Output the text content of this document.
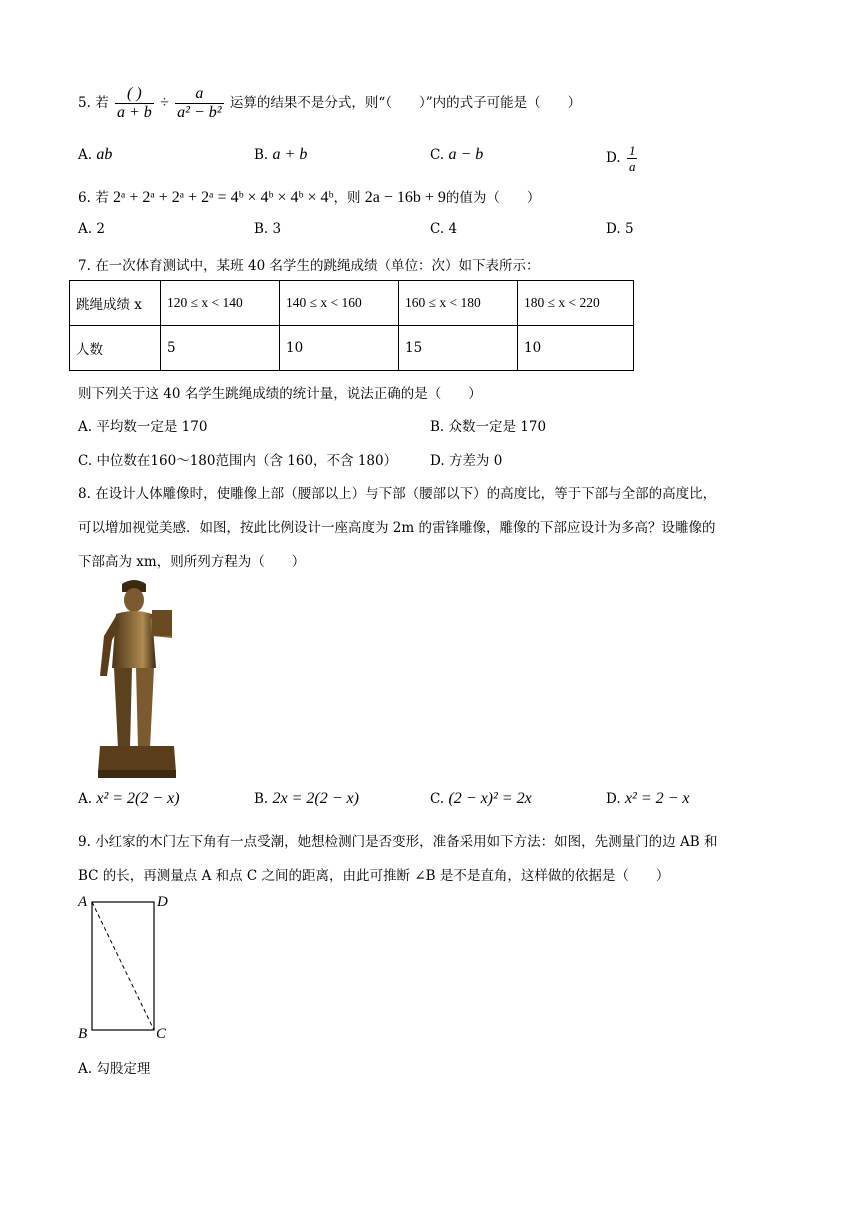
5. 若 $\frac{( )}{a + b} \div \frac{a}{\text{a² − b²}}$ 运算的结果不是分式，则“（　　）”内的式子可能是（　　）
A. ab	B. a + b	C. a − b	D. $\frac{1}{a}$
6. 若 2ᵃ + 2ᵃ + 2ᵃ + 2ᵃ = 4ᵇ × 4ᵇ × 4ᵇ × 4ᵇ，则 2a − 16b + 9的值为（　　）
A. 2	B. 3	C. 4	D. 5
7. 在一次体育测试中，某班 40 名学生的跳绳成绩（单位：次）如下表所示：
跳绳成绩 x	120 ≤ x < 140	140 ≤ x < 160	160 ≤ x < 180	180 ≤ x < 220
人数	5	10	15	10
则下列关于这 40 名学生跳绳成绩的统计量，说法正确的是（　　）
A. 平均数一定是 170	B. 众数一定是 170
C. 中位数在160～180范围内（含 160，不含 180） D. 方差为 0
8. 在设计人体雕像时，使雕像上部（腰部以上）与下部（腰部以下）的高度比，等于下部与全部的高度比，
可以增加视觉美感．如图，按此比例设计一座高度为 2m 的雷锋雕像，雕像的下部应设计为多高？设雕像的
下部高为 xm，则所列方程为（　　）
A. x² = 2(2 − x)	B. 2x = 2(2 − x)	C. (2 − x)² = 2x	D. x² = 2 − x
9. 小红家的木门左下角有一点受潮，她想检测门是否变形，准备采用如下方法：如图，先测量门的边 AB 和
BC 的长，再测量点 A 和点 C 之间的距离，由此可推断 ∠B 是不是直角，这样做的依据是（　　）
A	D
B	C
A. 勾股定理
